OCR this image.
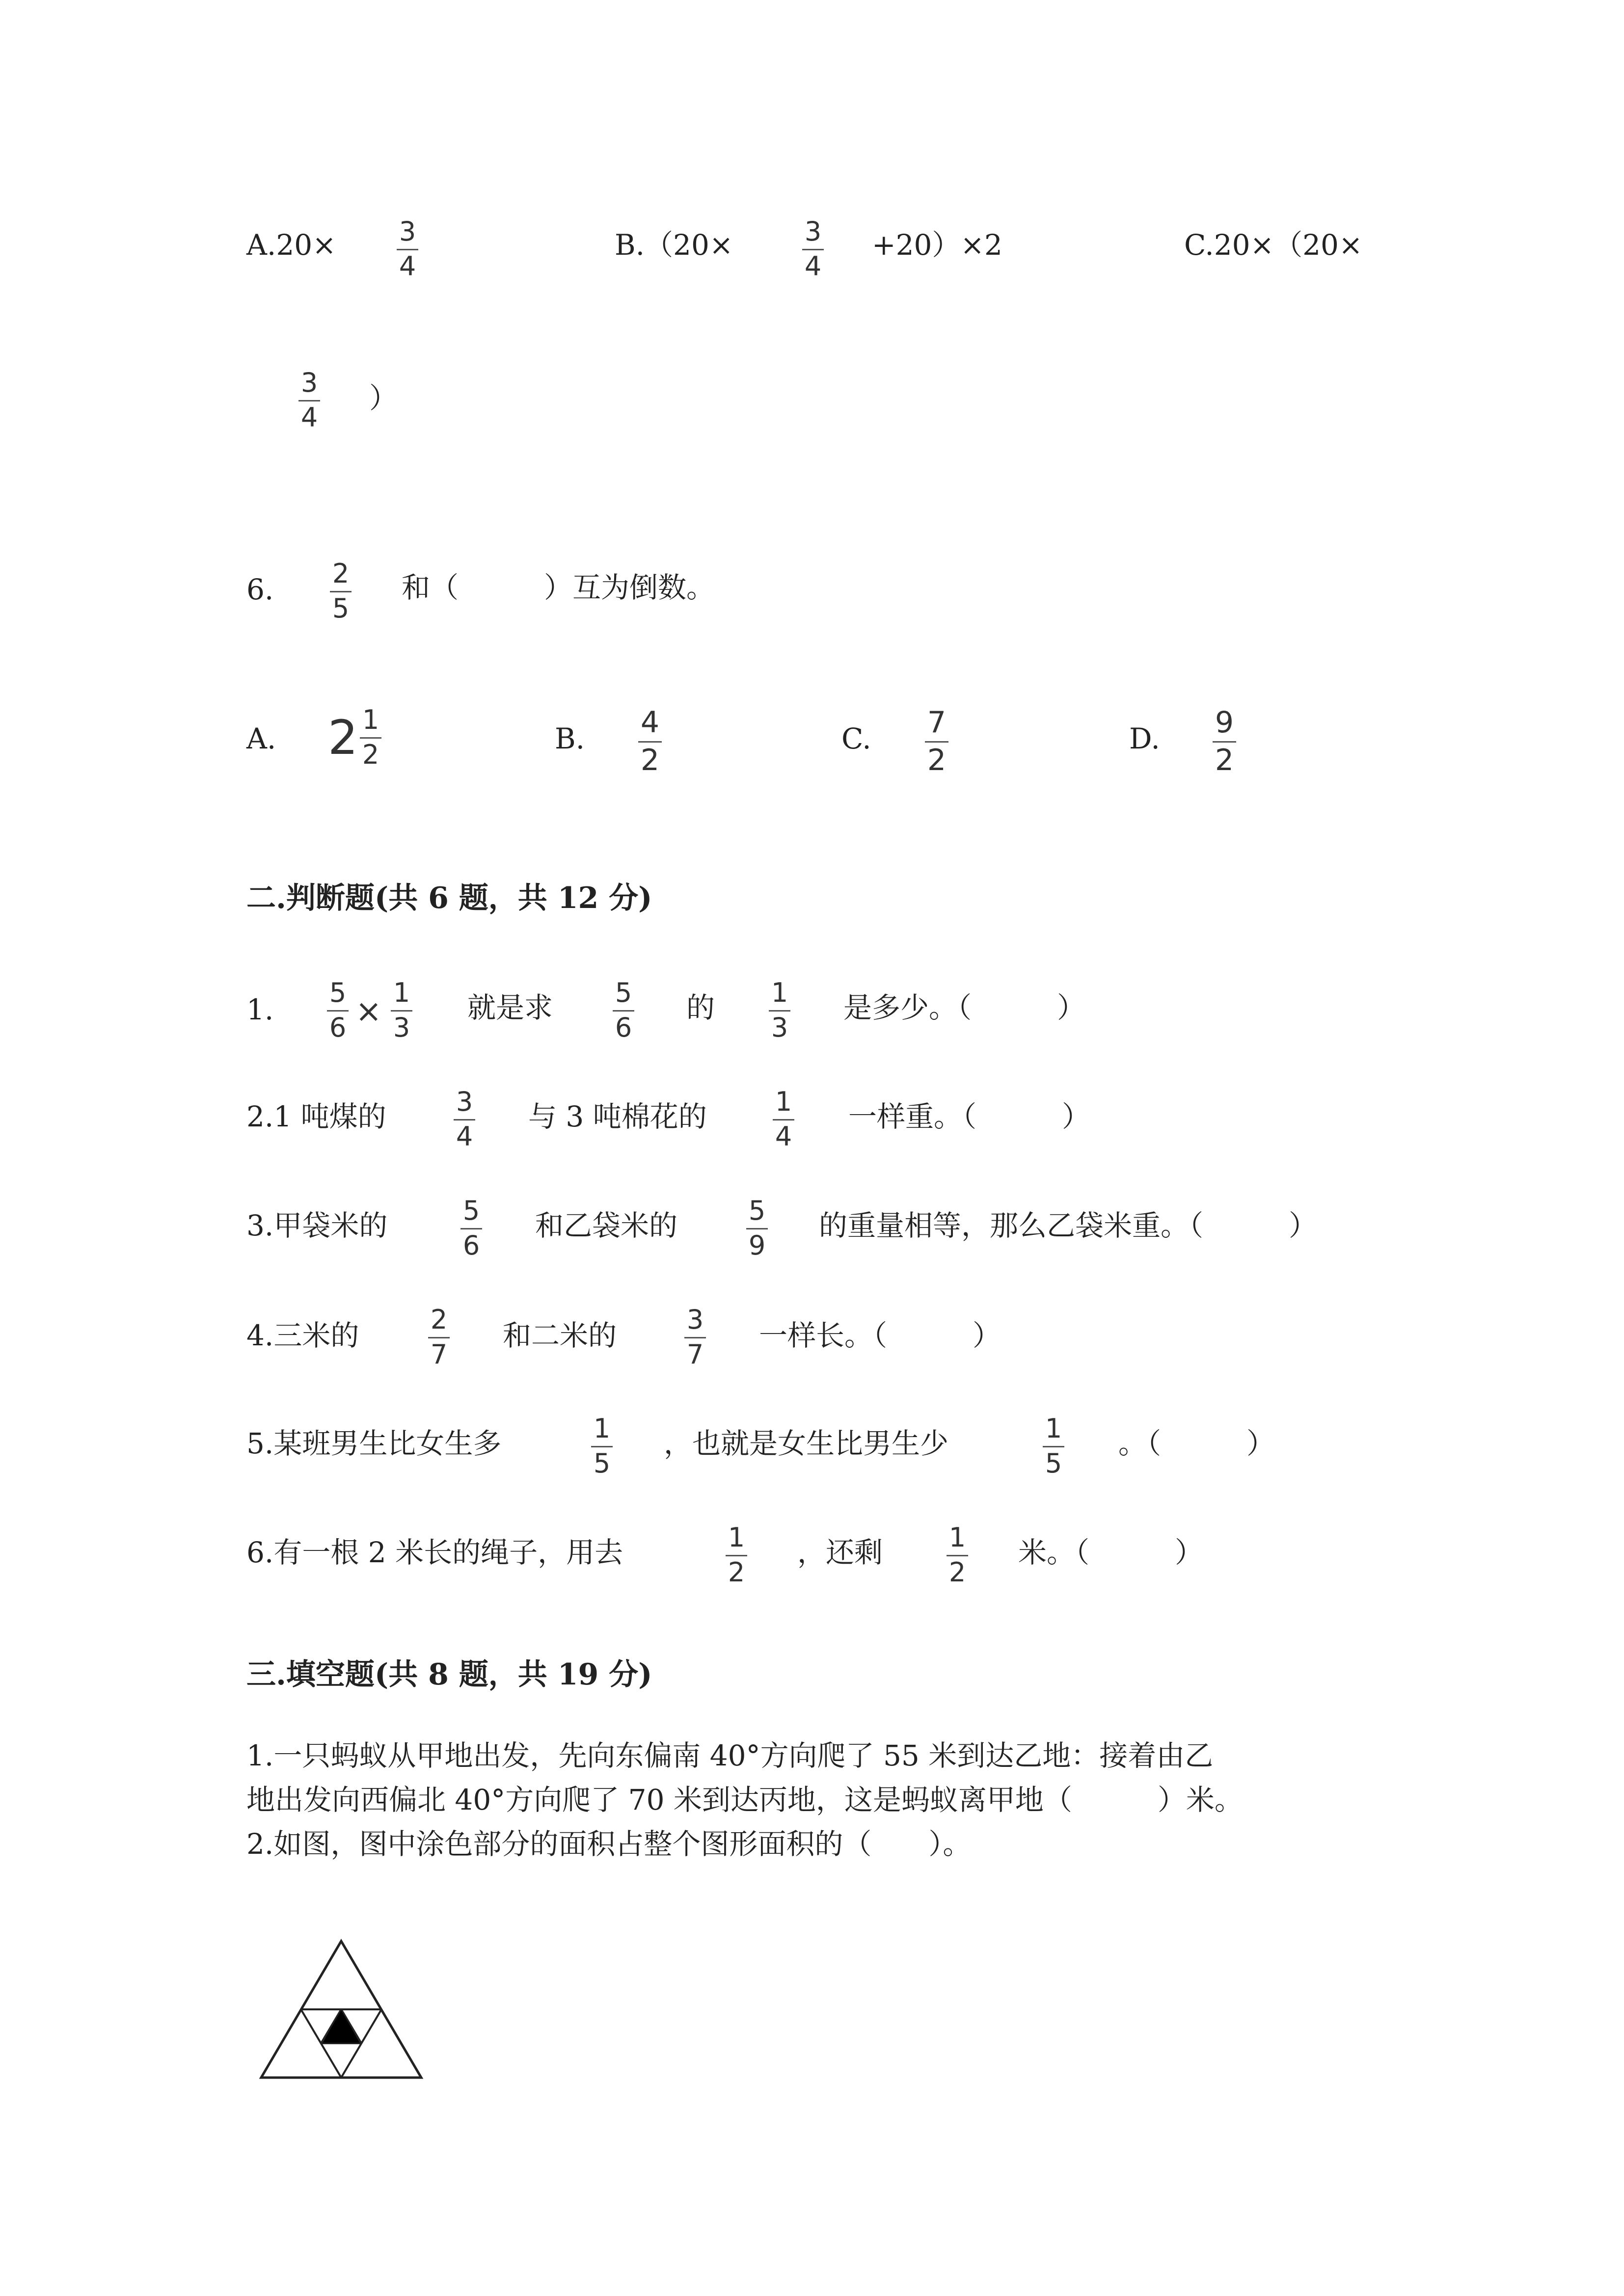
A.20× 3
4
B.（20×	3
4
+20）×2	C.20×（20×
3
4
）
6. 2
5
和（　　　）互为倒数。
A. $2 \frac{1}{2}$	B. 4
2
C. 7
2
D. 9
2
二.判断题(共 6 题，共 12 分)
1.
5
6 ×
1
3
就是求 5
6
的 1
3
是多少。（　　　）
2.1 吨煤的	3
4
与 3 吨棉花的	1
4
一样重。（　　　）
3.甲袋米的	5
6
和乙袋米的	5
9
的重量相等，那么乙袋米重。（　　　）
4.三米的	2
7
和二米的	3
7
一样长。（　　　）
5.某班男生比女生多	1
5
，也就是女生比男生少	1
5
。（　　　）
6.有一根 2 米长的绳子，用去	1
2
，还剩 1
2
米。（　　　）
三.填空题(共 8 题，共 19 分)
1.一只蚂蚁从甲地出发，先向东偏南 40°方向爬了 55 米到达乙地：接着由乙
地出发向西偏北 40°方向爬了 70 米到达丙地，这是蚂蚁离甲地（　　　）米。
2.如图，图中涂色部分的面积占整个图形面积的（　　）。
